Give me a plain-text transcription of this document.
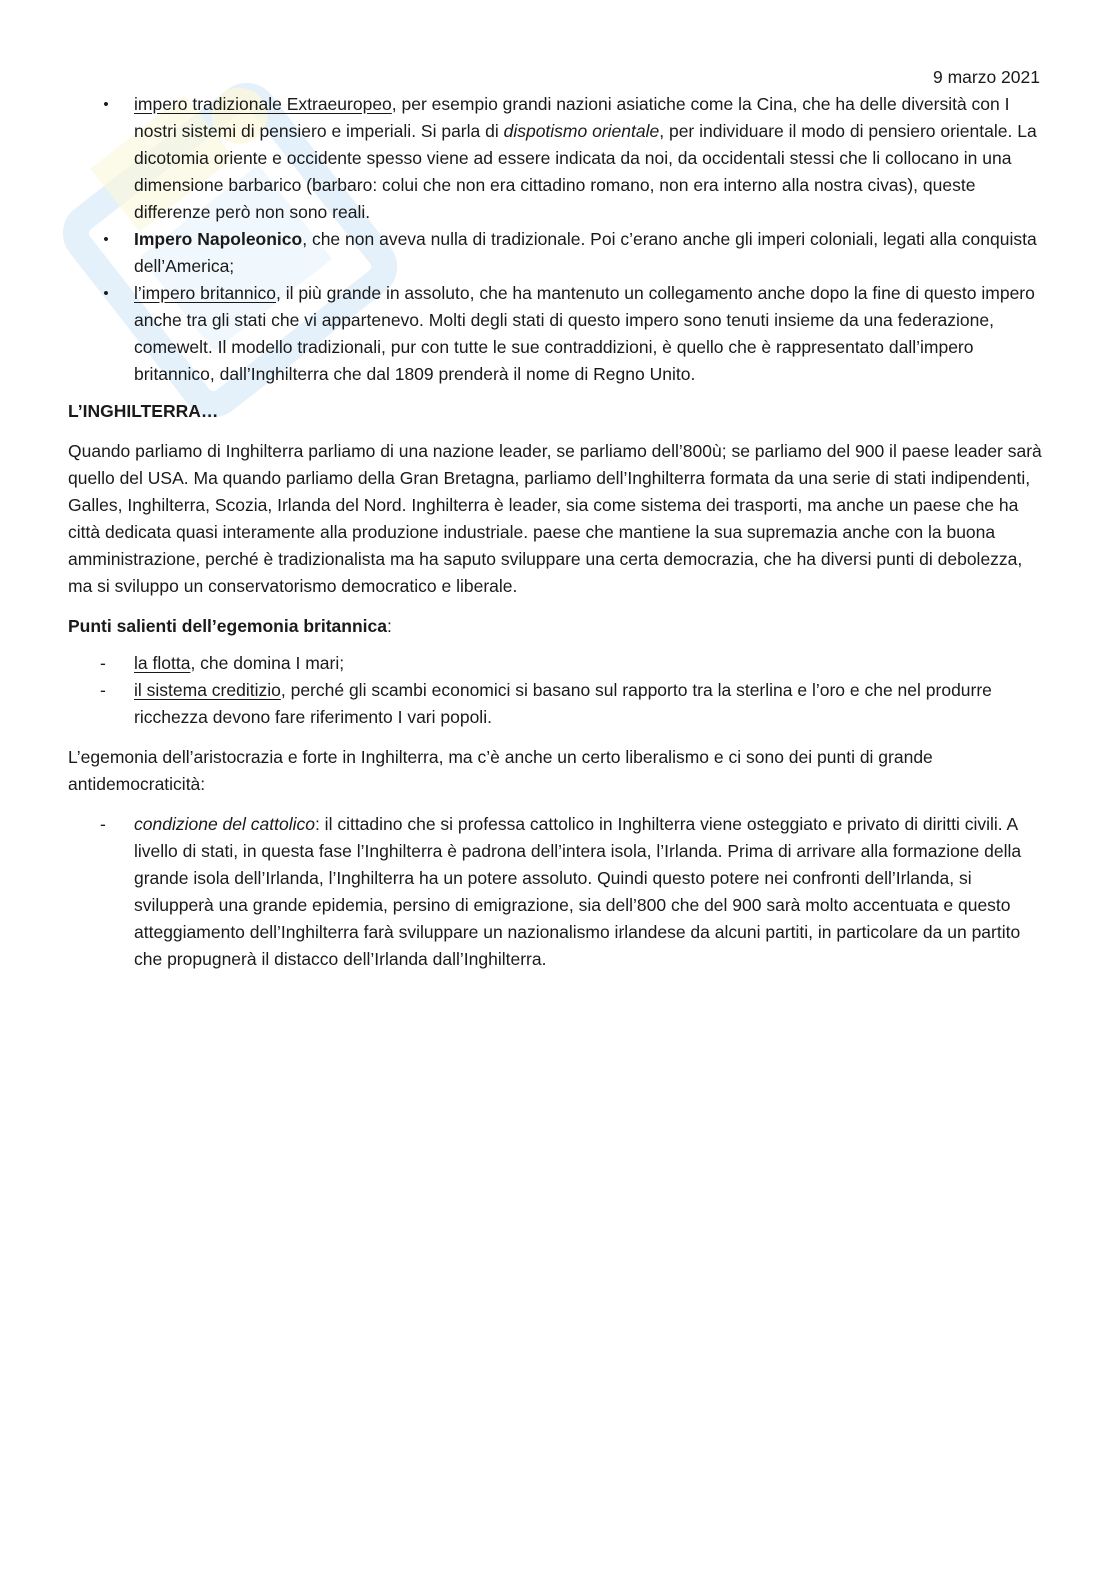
9 marzo 2021
• impero tradizionale Extraeuropeo, per esempio grandi nazioni asiatiche come la Cina, che ha delle diversità con I nostri sistemi di pensiero e imperiali. Si parla di dispotismo orientale, per individuare il modo di pensiero orientale. La dicotomia oriente e occidente spesso viene ad essere indicata da noi, da occidentali stessi che li collocano in una dimensione barbarico (barbaro: colui che non era cittadino romano, non era interno alla nostra civas), queste differenze però non sono reali.
• Impero Napoleonico, che non aveva nulla di tradizionale. Poi c’erano anche gli imperi coloniali, legati alla conquista dell’America;
• l’impero britannico, il più grande in assoluto, che ha mantenuto un collegamento anche dopo la fine di questo impero anche tra gli stati che vi appartenevo. Molti degli stati di questo impero sono tenuti insieme da una federazione, comewelt. Il modello tradizionali, pur con tutte le sue contraddizioni, è quello che è rappresentato dall’impero britannico, dall’Inghilterra che dal 1809 prenderà il nome di Regno Unito.
L’INGHILTERRA…

Quando parliamo di Inghilterra parliamo di una nazione leader, se parliamo dell’800ù; se parliamo del 900 il paese leader sarà quello del USA. Ma quando parliamo della Gran Bretagna, parliamo dell’Inghilterra formata da una serie di stati indipendenti, Galles, Inghilterra, Scozia, Irlanda del Nord. Inghilterra è leader, sia come sistema dei trasporti, ma anche un paese che ha città dedicata quasi interamente alla produzione industriale. paese che mantiene la sua supremazia anche con la buona amministrazione, perché è tradizionalista ma ha saputo sviluppare una certa democrazia, che ha diversi punti di debolezza, ma si sviluppo un conservatorismo democratico e liberale.

Punti salienti dell’egemonia britannica:

- la flotta, che domina I mari;
- il sistema creditizio, perché gli scambi economici si basano sul rapporto tra la sterlina e l’oro e che nel produrre ricchezza devono fare riferimento I vari popoli.

L’egemonia dell’aristocrazia e forte in Inghilterra, ma c’è anche un certo liberalismo e ci sono dei punti di grande antidemocraticità:

- condizione del cattolico: il cittadino che si professa cattolico in Inghilterra viene osteggiato e privato di diritti civili. A livello di stati, in questa fase l’Inghilterra è padrona dell’intera isola, l’Irlanda. Prima di arrivare alla formazione della grande isola dell’Irlanda, l’Inghilterra ha un potere assoluto. Quindi questo potere nei confronti dell’Irlanda, si svilupperà una grande epidemia, persino di emigrazione, sia dell’800 che del 900 sarà molto accentuata e questo atteggiamento dell’Inghilterra farà sviluppare un nazionalismo irlandese da alcuni partiti, in particolare da un partito che propugnerà il distacco dell’Irlanda dall’Inghilterra.
